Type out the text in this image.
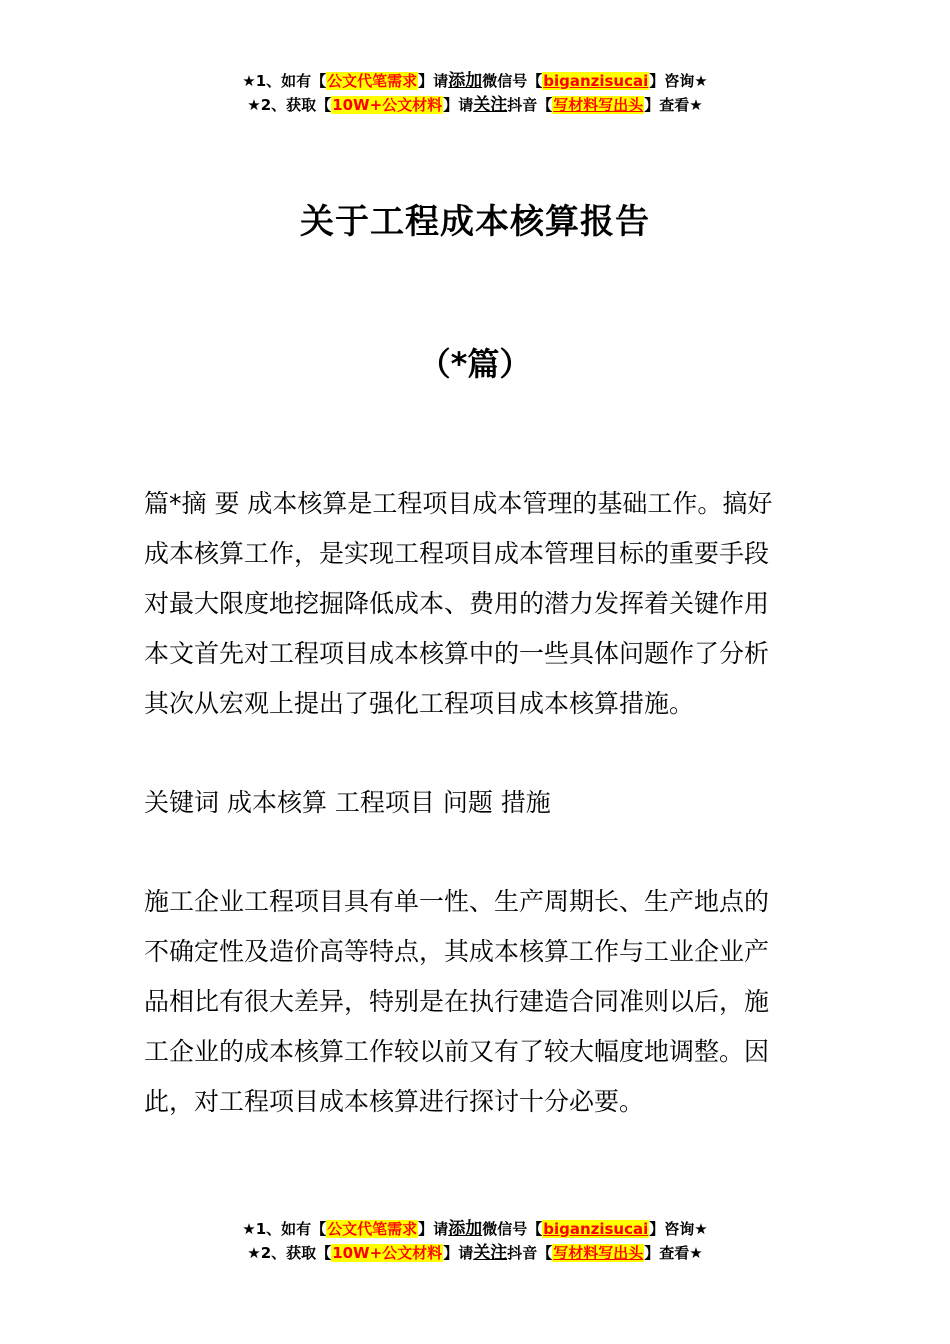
★1、如有【公文代笔需求】请添加微信号【biganzisucai】咨询★
★2、获取【10W+公文材料】请关注抖音【写材料写出头】查看★
关于工程成本核算报告
（*篇）
篇*摘 要 成本核算是工程项目成本管理的基础工作。搞好
成本核算工作，是实现工程项目成本管理目标的重要手段
对最大限度地挖掘降低成本、费用的潜力发挥着关键作用
本文首先对工程项目成本核算中的一些具体问题作了分析
其次从宏观上提出了强化工程项目成本核算措施。
关键词 成本核算 工程项目 问题 措施
施工企业工程项目具有单一性、生产周期长、生产地点的
不确定性及造价高等特点，其成本核算工作与工业企业产
品相比有很大差异，特别是在执行建造合同准则以后，施
工企业的成本核算工作较以前又有了较大幅度地调整。因
此，对工程项目成本核算进行探讨十分必要。
★1、如有【公文代笔需求】请添加微信号【biganzisucai】咨询★
★2、获取【10W+公文材料】请关注抖音【写材料写出头】查看★
